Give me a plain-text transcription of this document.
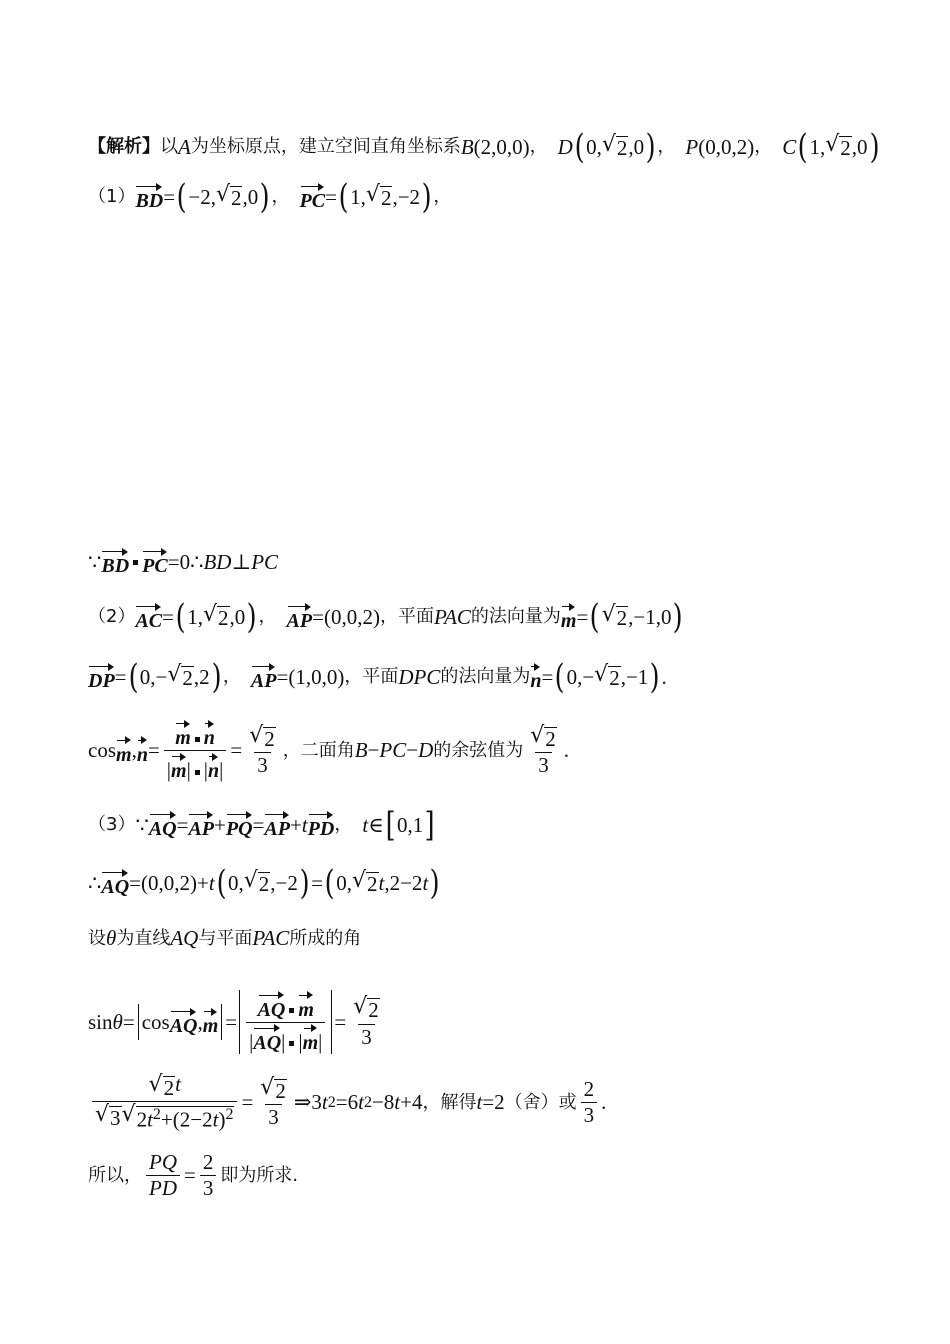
【解析】 以 A 为坐标原点，建立空间直角坐标系 B (2,0,0) ， D ( 0, √ 2 ,0 ) ， P (0,0,2) ， C ( 1, √ 2 ,0 )
（1） BD = ( −2, √ 2 ,0 ) ， PC = ( 1, √ 2 ,−2 ) ，
∵ BD PC =0∴ BD ⊥ PC
（2） AC = ( 1, √ 2 ,0 ) ， AP =(0,0,2) ，平面 PAC 的法向量为 m = ( √ 2 ,−1,0 )
DP = ( 0,− √ 2 ,2 ) ， AP =(1,0,0) ，平面 DPC 的法向量为 n = ( 0,− √ 2 ,−1 ) .
cos m , $n = \frac{\text{m n}}{|m| |n|} = \frac{√ 2}{3}$ ，二面角 B − PC − D 的余弦值为 $\frac{√ 2}{3}$ .
（3） ∵ AQ = AP + PQ = AP + t PD ， t ∈ [ 0,1 ]
∴ AQ =(0,0,2)+ t ( 0, √ 2 ,−2 ) = ( 0, √ 2 t ,2−2 t )
设 θ 为直线 AQ 与平面 PAC 所成的角
sin θ = cos AQ , $m = \frac{\text{AQ m}}{|AQ| |m|} = \frac{√ 2}{3}$
$\frac{√ 2 t}{√ 3 √ 2t^2+(2-2t)^2} = \frac{√ 2}{3}$ ⇒3 t 2 =6 t 2 −8 t +4 ，解得 t =2 （舍）或 $\frac{2}{3}$ .
所以， $\frac{PQ}{PD} = \frac{2}{3}$ 即为所求.
